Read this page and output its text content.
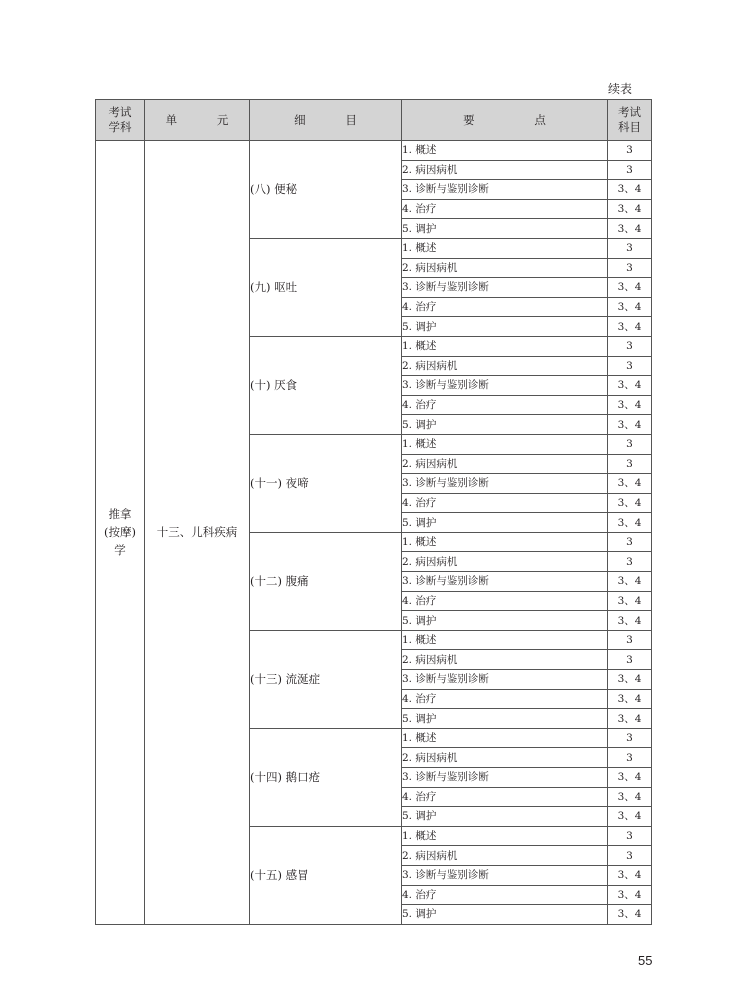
续表
考试
学科	单 元	细 目	要 点	考试
科目

推拿
(按摩)
学	十三、儿科疾病	(八) 便秘	1. 概述	3
			2. 病因病机	3
			3. 诊断与鉴别诊断	3、4
			4. 治疗	3、4
			5. 调护	3、4
		(九) 呕吐	1. 概述	3
			2. 病因病机	3
			3. 诊断与鉴别诊断	3、4
			4. 治疗	3、4
			5. 调护	3、4
		(十) 厌食	1. 概述	3
			2. 病因病机	3
			3. 诊断与鉴别诊断	3、4
			4. 治疗	3、4
			5. 调护	3、4
		(十一) 夜啼	1. 概述	3
			2. 病因病机	3
			3. 诊断与鉴别诊断	3、4
			4. 治疗	3、4
			5. 调护	3、4
		(十二) 腹痛	1. 概述	3
			2. 病因病机	3
			3. 诊断与鉴别诊断	3、4
			4. 治疗	3、4
			5. 调护	3、4
		(十三) 流涎症	1. 概述	3
			2. 病因病机	3
			3. 诊断与鉴别诊断	3、4
			4. 治疗	3、4
			5. 调护	3、4
		(十四) 鹅口疮	1. 概述	3
			2. 病因病机	3
			3. 诊断与鉴别诊断	3、4
			4. 治疗	3、4
			5. 调护	3、4
		(十五) 感冒	1. 概述	3
			2. 病因病机	3
			3. 诊断与鉴别诊断	3、4
			4. 治疗	3、4
			5. 调护	3、4
55
